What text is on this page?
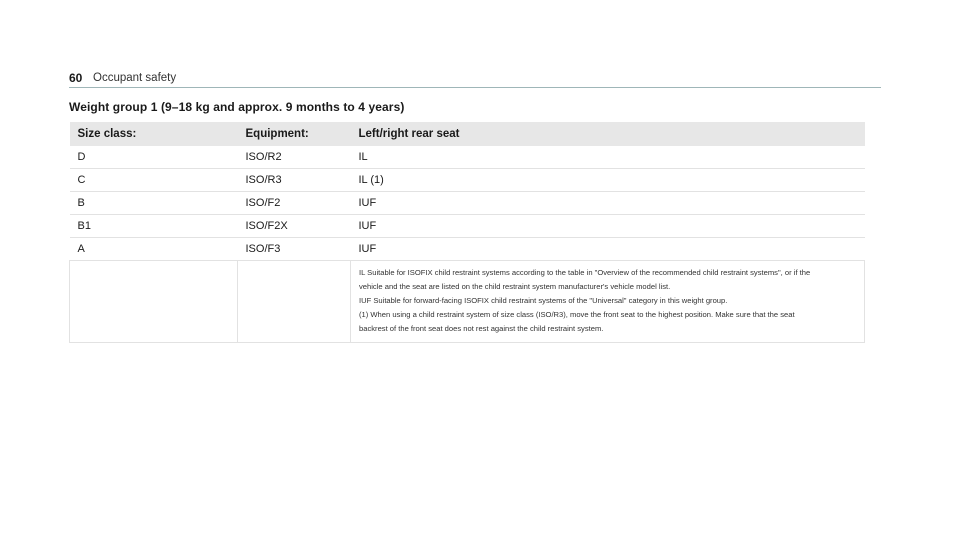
60 Occupant safety
Weight group 1 (9–18 kg and approx. 9 months to 4 years)
Size class:	Equipment:	Left/right rear seat
D	ISO/R2	IL
C	ISO/R3	IL (1)
B	ISO/F2	IUF
B1	ISO/F2X	IUF
A	ISO/F3	IUF

		IL Suitable for ISOFIX child restraint systems according to the table in "Overview of the recommended child restraint systems", or if the
vehicle and the seat are listed on the child restraint system manufacturer's vehicle model list.
IUF Suitable for forward-facing ISOFIX child restraint systems of the "Universal" category in this weight group.
(1) When using a child restraint system of size class (ISO/R3), move the front seat to the highest position. Make sure that the seat
backrest of the front seat does not rest against the child restraint system.
